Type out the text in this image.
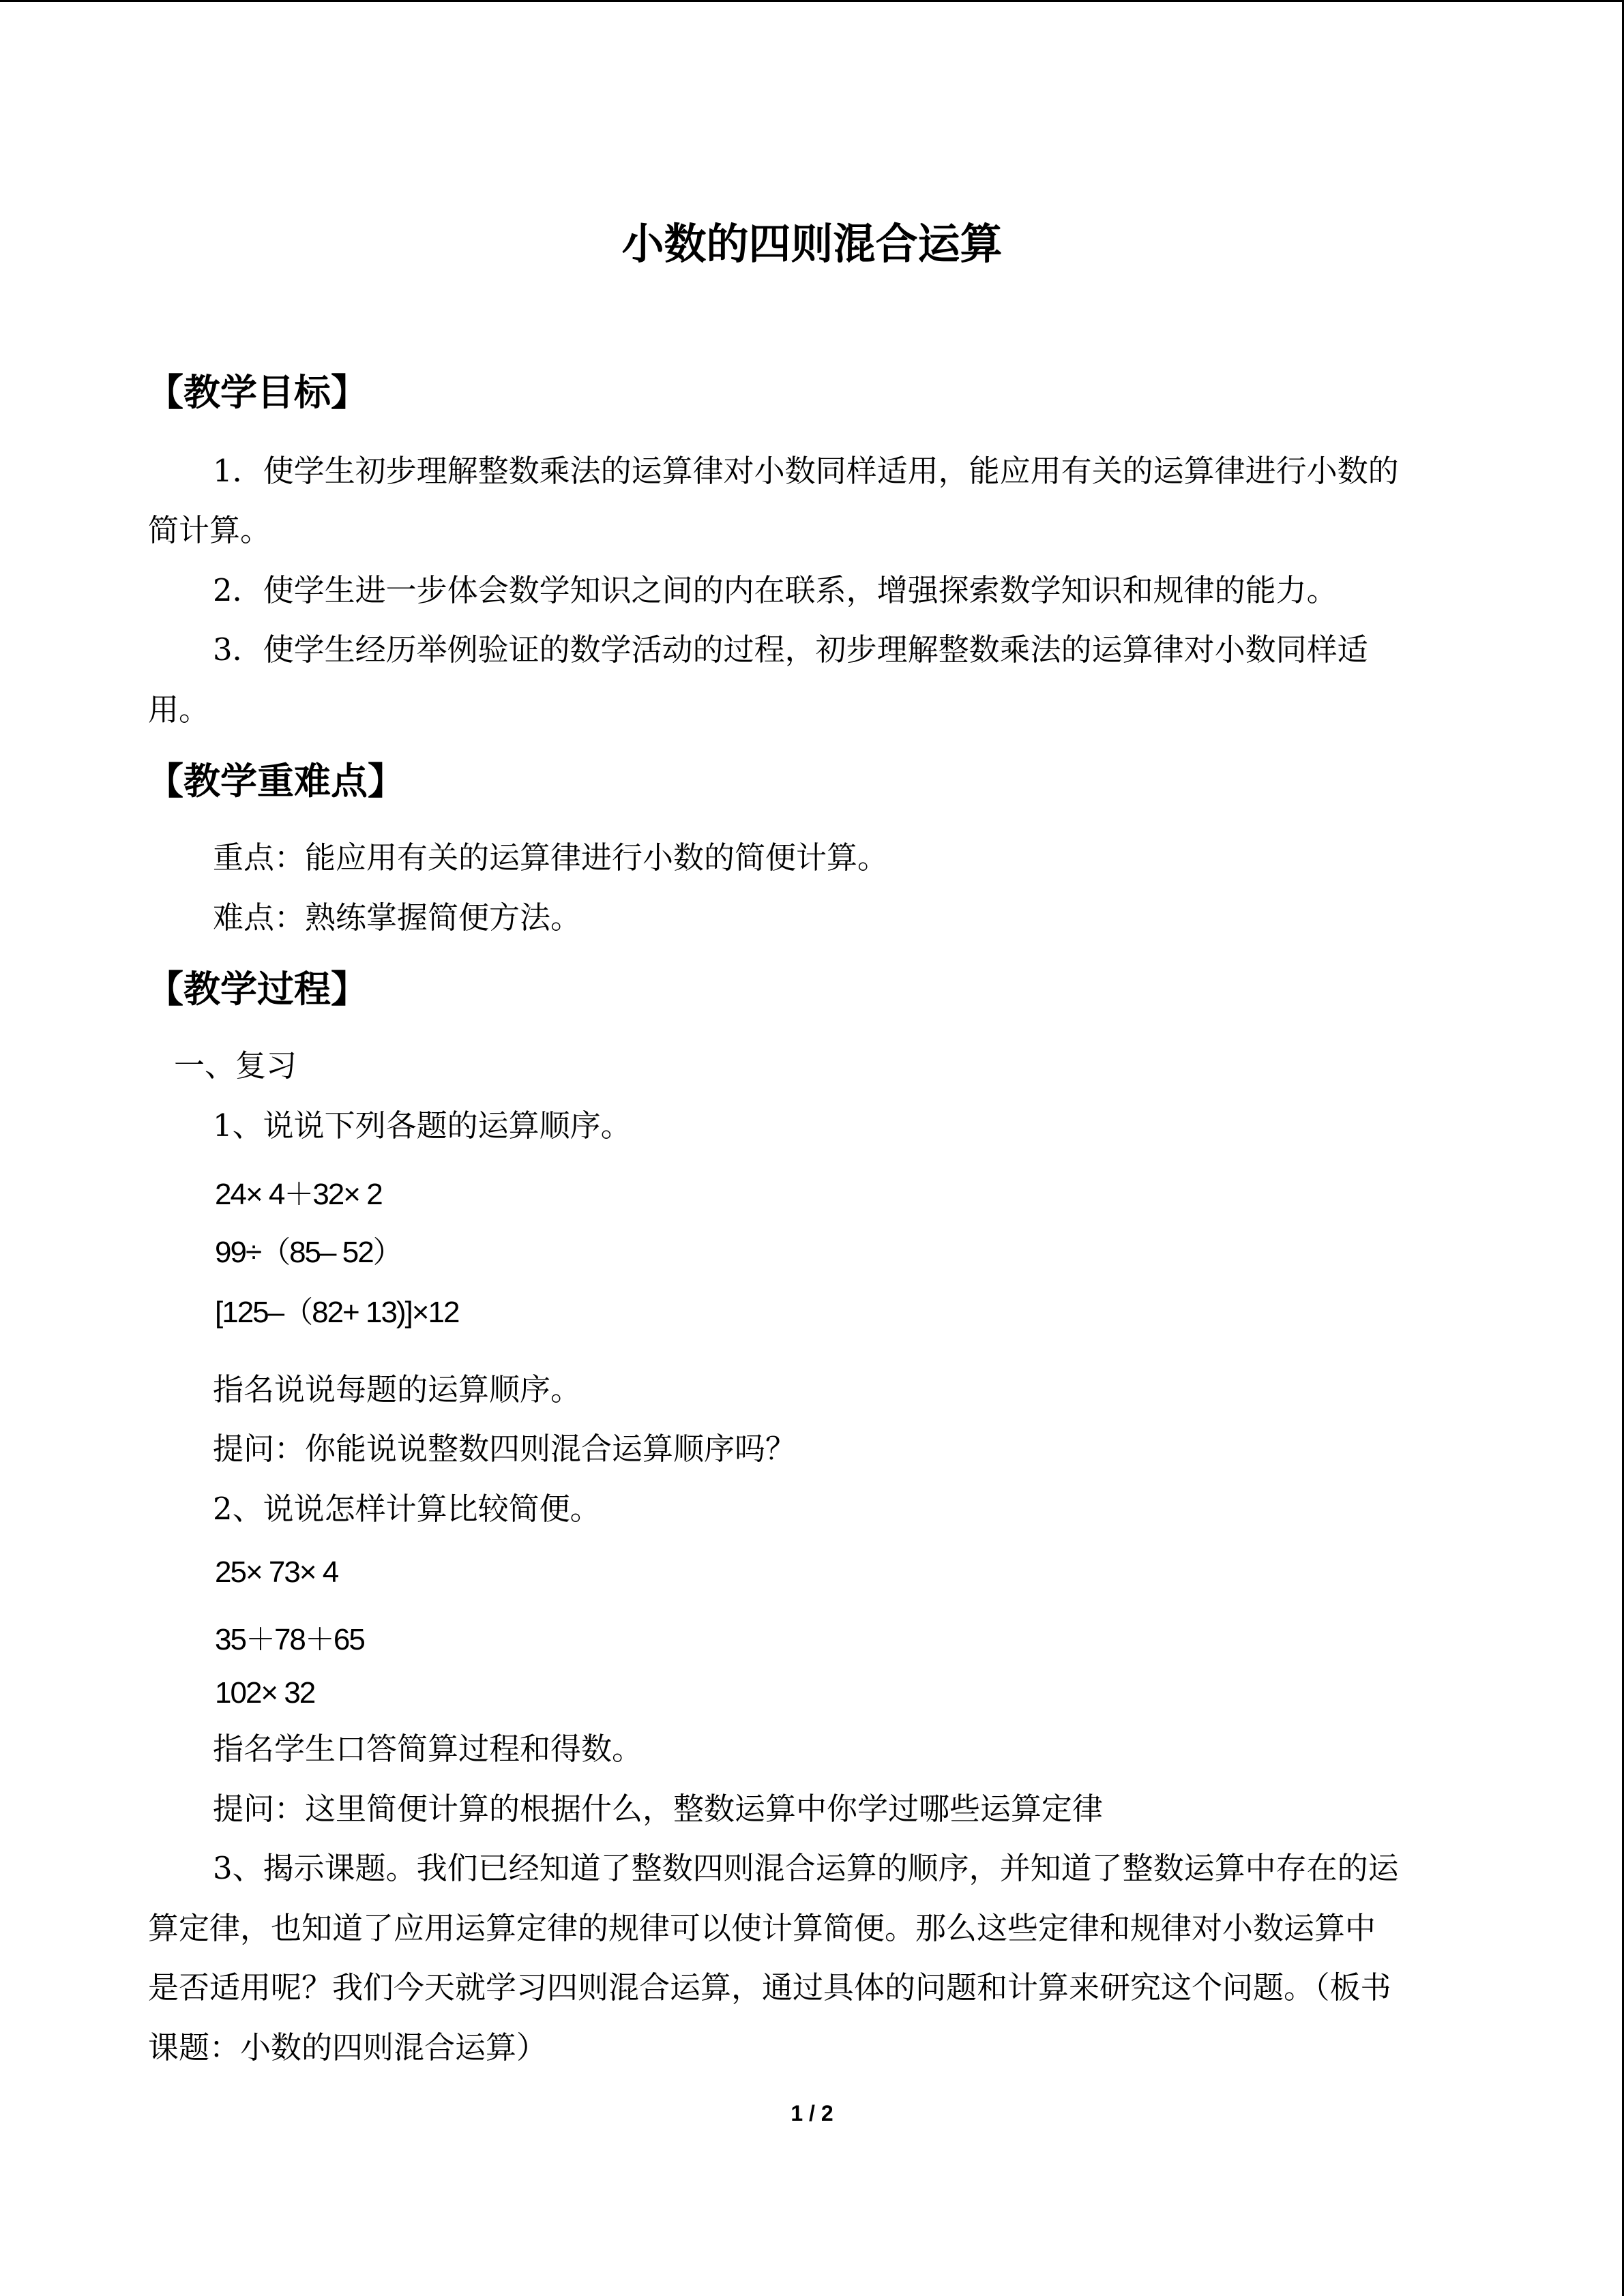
小数的四则混合运算
【教学目标】
1．使学生初步理解整数乘法的运算律对小数同样适用，能应用有关的运算律进行小数的
简计算。
2．使学生进一步体会数学知识之间的内在联系，增强探索数学知识和规律的能力。
3．使学生经历举例验证的数学活动的过程，初步理解整数乘法的运算律对小数同样适
用。
【教学重难点】
重点：能应用有关的运算律进行小数的简便计算。
难点：熟练掌握简便方法。
【教学过程】
一、复习
1、说说下列各题的运算顺序。
24× 4＋32× 2
99÷（85– 52）
[125–（82+ 13)]×12
指名说说每题的运算顺序。
提问：你能说说整数四则混合运算顺序吗？
2、说说怎样计算比较简便。
25× 73× 4
35＋78＋65
102× 32
指名学生口答简算过程和得数。
提问：这里简便计算的根据什么，整数运算中你学过哪些运算定律
3、揭示课题。我们已经知道了整数四则混合运算的顺序，并知道了整数运算中存在的运
算定律，也知道了应用运算定律的规律可以使计算简便。那么这些定律和规律对小数运算中
是否适用呢？我们今天就学习四则混合运算，通过具体的问题和计算来研究这个问题。（板书
课题：小数的四则混合运算）
1 / 2
